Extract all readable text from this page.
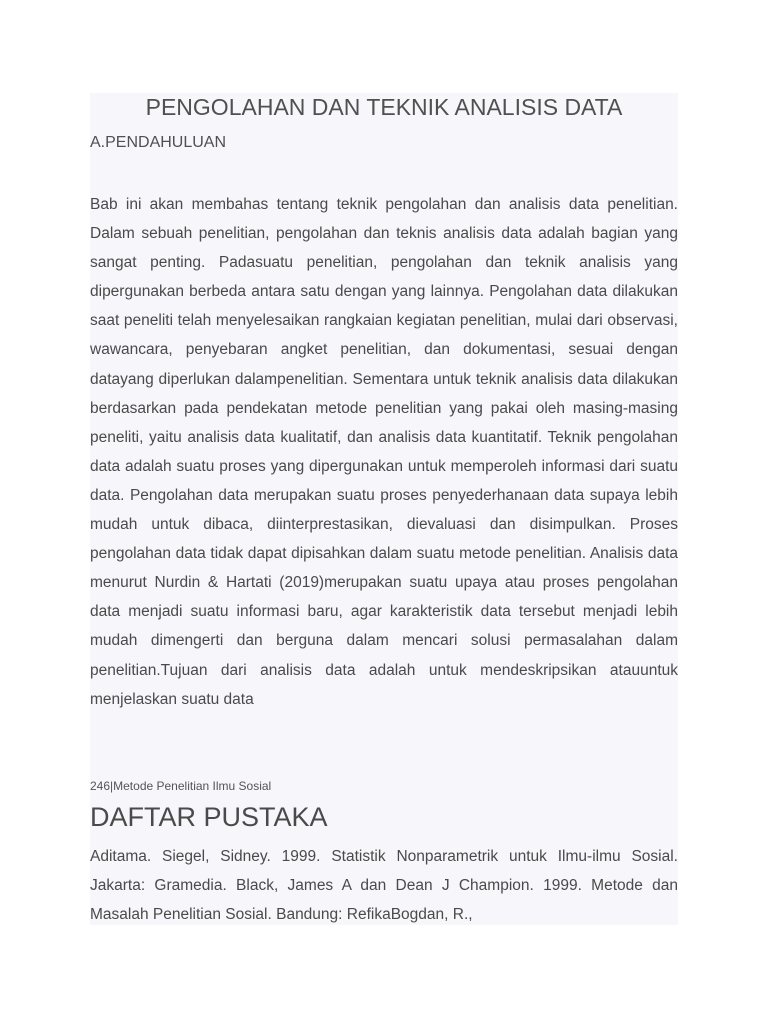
PENGOLAHAN DAN TEKNIK ANALISIS DATA
A.PENDAHULUAN

Bab ini akan membahas tentang teknik pengolahan dan analisis data penelitian. Dalam sebuah penelitian, pengolahan dan teknis analisis data adalah bagian yang sangat penting. Padasuatu penelitian, pengolahan dan teknik analisis yang dipergunakan berbeda antara satu dengan yang lainnya. Pengolahan data dilakukan saat peneliti telah menyelesaikan rangkaian kegiatan penelitian, mulai dari observasi, wawancara, penyebaran angket penelitian, dan dokumentasi, sesuai dengan datayang diperlukan dalampenelitian. Sementara untuk teknik analisis data dilakukan berdasarkan pada pendekatan metode penelitian yang pakai oleh masing-masing peneliti, yaitu analisis data kualitatif, dan analisis data kuantitatif. Teknik pengolahan data adalah suatu proses yang dipergunakan untuk memperoleh informasi dari suatu data. Pengolahan data merupakan suatu proses penyederhanaan data supaya lebih mudah untuk dibaca, diinterprestasikan, dievaluasi dan disimpulkan. Proses pengolahan data tidak dapat dipisahkan dalam suatu metode penelitian. Analisis data menurut Nurdin & Hartati (2019)merupakan suatu upaya atau proses pengolahan data menjadi suatu informasi baru, agar karakteristik data tersebut menjadi lebih mudah dimengerti dan berguna dalam mencari solusi permasalahan dalam penelitian.Tujuan dari analisis data adalah untuk mendeskripsikan atauuntuk menjelaskan suatu data

246|Metode Penelitian Ilmu Sosial

DAFTAR PUSTAKA

Aditama. Siegel, Sidney. 1999. Statistik Nonparametrik untuk Ilmu-ilmu Sosial. Jakarta: Gramedia. Black, James A dan Dean J Champion. 1999. Metode dan Masalah Penelitian Sosial. Bandung: RefikaBogdan, R.,
